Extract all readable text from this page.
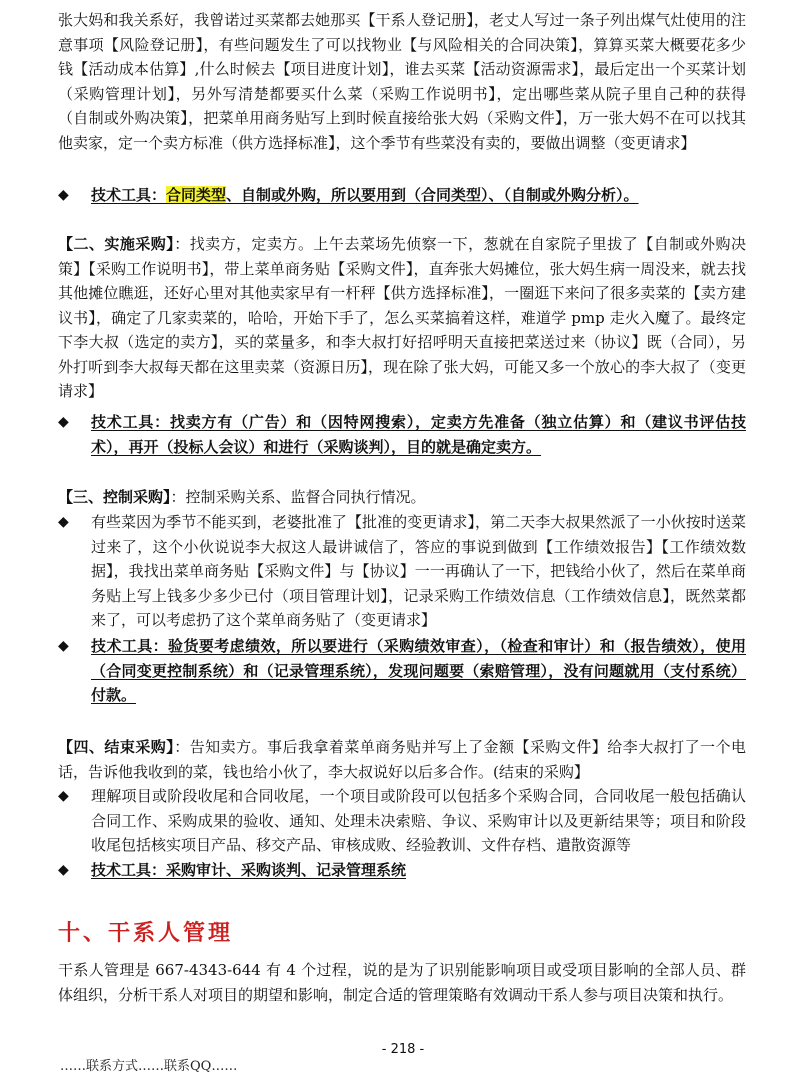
张大妈和我关系好，我曾诺过买菜都去她那买【干系人登记册】，老丈人写过一条子列出煤气灶使用的注意事项【风险登记册】，有些问题发生了可以找物业【与风险相关的合同决策】，算算买菜大概要花多少钱【活动成本估算】,什么时候去【项目进度计划】，谁去买菜【活动资源需求】，最后定出一个买菜计划（采购管理计划】，另外写清楚都要买什么菜（采购工作说明书】，定出哪些菜从院子里自己种的获得（自制或外购决策】，把菜单用商务贴写上到时候直接给张大妈（采购文件】，万一张大妈不在可以找其他卖家，定一个卖方标准（供方选择标准】，这个季节有些菜没有卖的，要做出调整（变更请求】

◆	技术工具：合同类型、自制或外购，所以要用到（合同类型）、（自制或外购分析）。

【二、实施采购】：找卖方，定卖方。上午去菜场先侦察一下，葱就在自家院子里拔了【自制或外购决策】【采购工作说明书】，带上菜单商务贴【采购文件】，直奔张大妈摊位，张大妈生病一周没来，就去找其他摊位瞧逛，还好心里对其他卖家早有一杆秤【供方选择标准】，一圈逛下来问了很多卖菜的【卖方建议书】，确定了几家卖菜的，哈哈，开始下手了，怎么买菜搞着这样，难道学 pmp 走火入魔了。最终定下李大叔（选定的卖方】，买的菜量多，和李大叔打好招呼明天直接把菜送过来（协议】既（合同），另外打听到李大叔每天都在这里卖菜（资源日历】，现在除了张大妈，可能又多一个放心的李大叔了（变更请求】

◆	技术工具：找卖方有（广告）和（因特网搜索），定卖方先准备（独立估算）和（建议书评估技术），再开（投标人会议）和进行（采购谈判），目的就是确定卖方。

【三、控制采购】：控制采购关系、监督合同执行情况。

◆	有些菜因为季节不能买到，老婆批准了【批准的变更请求】，第二天李大叔果然派了一小伙按时送菜过来了，这个小伙说说李大叔这人最讲诚信了，答应的事说到做到【工作绩效报告】【工作绩效数据】，我找出菜单商务贴【采购文件】与【协议】一一再确认了一下，把钱给小伙了，然后在菜单商务贴上写上钱多少多少已付（项目管理计划】，记录采购工作绩效信息（工作绩效信息】，既然菜都来了，可以考虑扔了这个菜单商务贴了（变更请求】
◆	技术工具：验货要考虑绩效，所以要进行（采购绩效审查），（检查和审计）和（报告绩效），使用（合同变更控制系统）和（记录管理系统），发现问题要（索赔管理），没有问题就用（支付系统）付款。

【四、结束采购】：告知卖方。事后我拿着菜单商务贴并写上了金额【采购文件】给李大叔打了一个电话，告诉他我收到的菜，钱也给小伙了，李大叔说好以后多合作。(结束的采购】

◆	理解项目或阶段收尾和合同收尾，一个项目或阶段可以包括多个采购合同，合同收尾一般包括确认合同工作、采购成果的验收、通知、处理未决索赔、争议、采购审计以及更新结果等；项目和阶段收尾包括核实项目产品、移交产品、审核成败、经验教训、文件存档、遣散资源等
◆	技术工具：采购审计、采购谈判、记录管理系统
十、干系人管理

干系人管理是 667-4343-644 有 4 个过程，说的是为了识别能影响项目或受项目影响的全部人员、群体组织，分析干系人对项目的期望和影响，制定合适的管理策略有效调动干系人参与项目决策和执行。

- 218 -
……联系方式……联系QQ……
